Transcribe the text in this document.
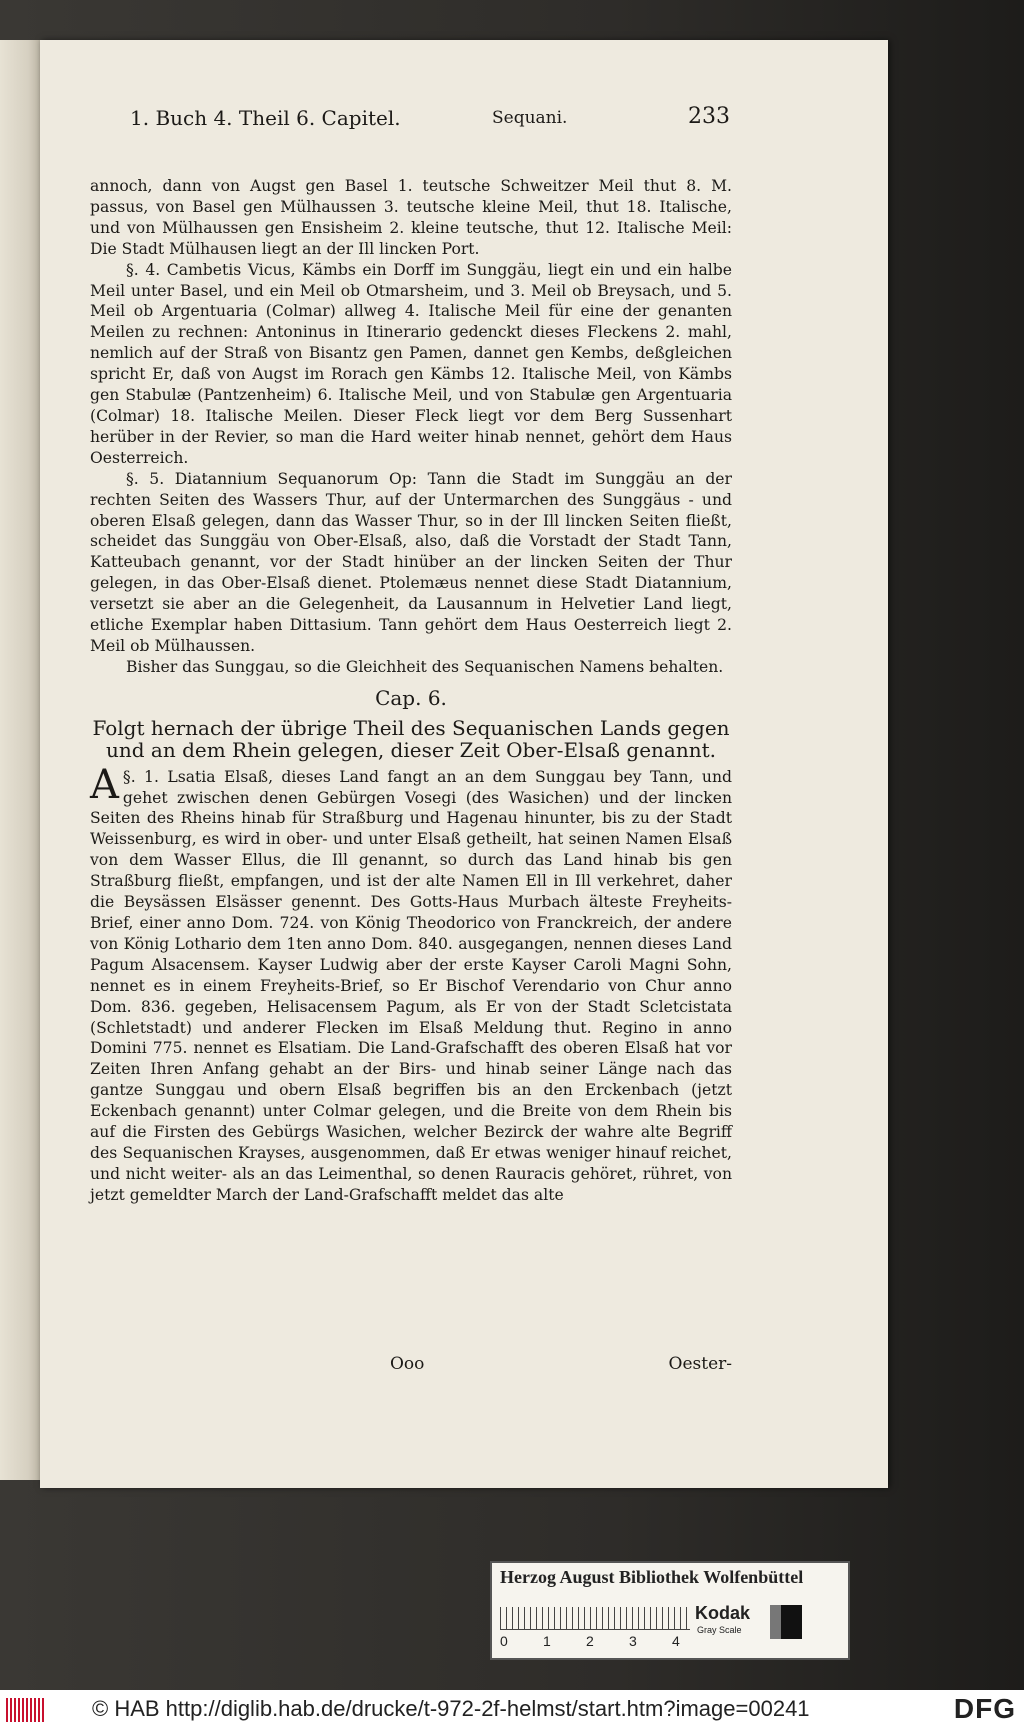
1. Buch 4. Theil 6. Capitel.	Sequani.	233

annoch, dann von Augst gen Basel 1. teutsche Schweitzer Meil thut 8. M. passus, von Basel gen Mülhaussen 3. teutsche kleine Meil, thut 18. Italische, und von Mülhaussen gen Ensisheim 2. kleine teutsche, thut 12. Italische Meil: Die Stadt Mülhausen liegt an der Ill lincken Port.

§. 4. Cambetis Vicus, Kämbs ein Dorff im Sunggäu, liegt ein und ein halbe Meil unter Basel, und ein Meil ob Otmarsheim, und 3. Meil ob Breysach, und 5. Meil ob Argentuaria (Colmar) allweg 4. Italische Meil für eine der genanten Meilen zu rechnen: Antoninus in Itinerario gedenckt dieses Fleckens 2. mahl, nemlich auf der Straß von Bisantz gen Pamen, dannet gen Kembs, deßgleichen spricht Er, daß von Augst im Rorach gen Kämbs 12. Italische Meil, von Kämbs gen Stabulæ (Pantzenheim) 6. Italische Meil, und von Stabulæ gen Argentuaria (Colmar) 18. Italische Meilen. Dieser Fleck liegt vor dem Berg Sussenhart herüber in der Revier, so man die Hard weiter hinab nennet, gehört dem Haus Oesterreich.

§. 5. Diatannium Sequanorum Op: Tann die Stadt im Sunggäu an der rechten Seiten des Wassers Thur, auf der Untermarchen des Sunggäus - und oberen Elsaß gelegen, dann das Wasser Thur, so in der Ill lincken Seiten fließt, scheidet das Sunggäu von Ober-Elsaß, also, daß die Vorstadt der Stadt Tann, Katteubach genannt, vor der Stadt hinüber an der lincken Seiten der Thur gelegen, in das Ober-Elsaß dienet. Ptolemæus nennet diese Stadt Diatannium, versetzt sie aber an die Gelegenheit, da Lausannum in Helvetier Land liegt, etliche Exemplar haben Dittasium. Tann gehört dem Haus Oesterreich liegt 2. Meil ob Mülhaussen.

Bisher das Sunggau, so die Gleichheit des Sequanischen Namens behalten.

Cap. 6.
Folgt hernach der übrige Theil des Sequanischen Lands gegen und an dem Rhein gelegen, dieser Zeit Ober-Elsaß genannt.

§. 1.
A	Lsatia Elsaß, dieses Land fangt an an dem Sunggau bey Tann, und gehet zwischen denen Gebürgen Vosegi (des Wasichen) und der lincken Seiten des Rheins hinab für Straßburg und Hagenau hinunter, bis zu der Stadt Weissenburg, es wird in ober- und unter Elsaß getheilt, hat seinen Namen Elsaß von dem Wasser Ellus, die Ill genannt, so durch das Land hinab bis gen Straßburg fließt, empfangen, und ist der alte Namen Ell in Ill verkehret, daher die Beysässen Elsässer genennt. Des Gotts-Haus Murbach älteste Freyheits-Brief, einer anno Dom. 724. von König Theodorico von Franckreich, der andere von König Lothario dem 1ten anno Dom. 840. ausgegangen, nennen dieses Land Pagum Alsacensem. Kayser Ludwig aber der erste Kayser Caroli Magni Sohn, nennet es in einem Freyheits-Brief, so Er Bischof Verendario von Chur anno Dom. 836. gegeben, Helisacensem Pagum, als Er von der Stadt Scletcistata (Schletstadt) und anderer Flecken im Elsaß Meldung thut. Regino in anno Domini 775. nennet es Elsatiam. Die Land-Grafschafft des oberen Elsaß hat vor Zeiten Ihren Anfang gehabt an der Birs- und hinab seiner Länge nach das gantze Sunggau und obern Elsaß begriffen bis an den Erckenbach (jetzt Eckenbach genannt) unter Colmar gelegen, und die Breite von dem Rhein bis auf die Firsten des Gebürgs Wasichen, welcher Bezirck der wahre alte Begriff des Sequanischen Krayses, ausgenommen, daß Er etwas weniger hinauf reichet, und nicht weiter- als an das Leimenthal, so denen Rauracis gehöret, rühret, von jetzt gemeldter March der Land-Grafschafft meldet das alte

Ooo	Oester-
Herzog August Bibliothek Wolfenbüttel
0	1	2	3	4
Kodak
Gray Scale
© HAB http://diglib.hab.de/drucke/t-972-2f-helmst/start.htm?image=00241	DFG
